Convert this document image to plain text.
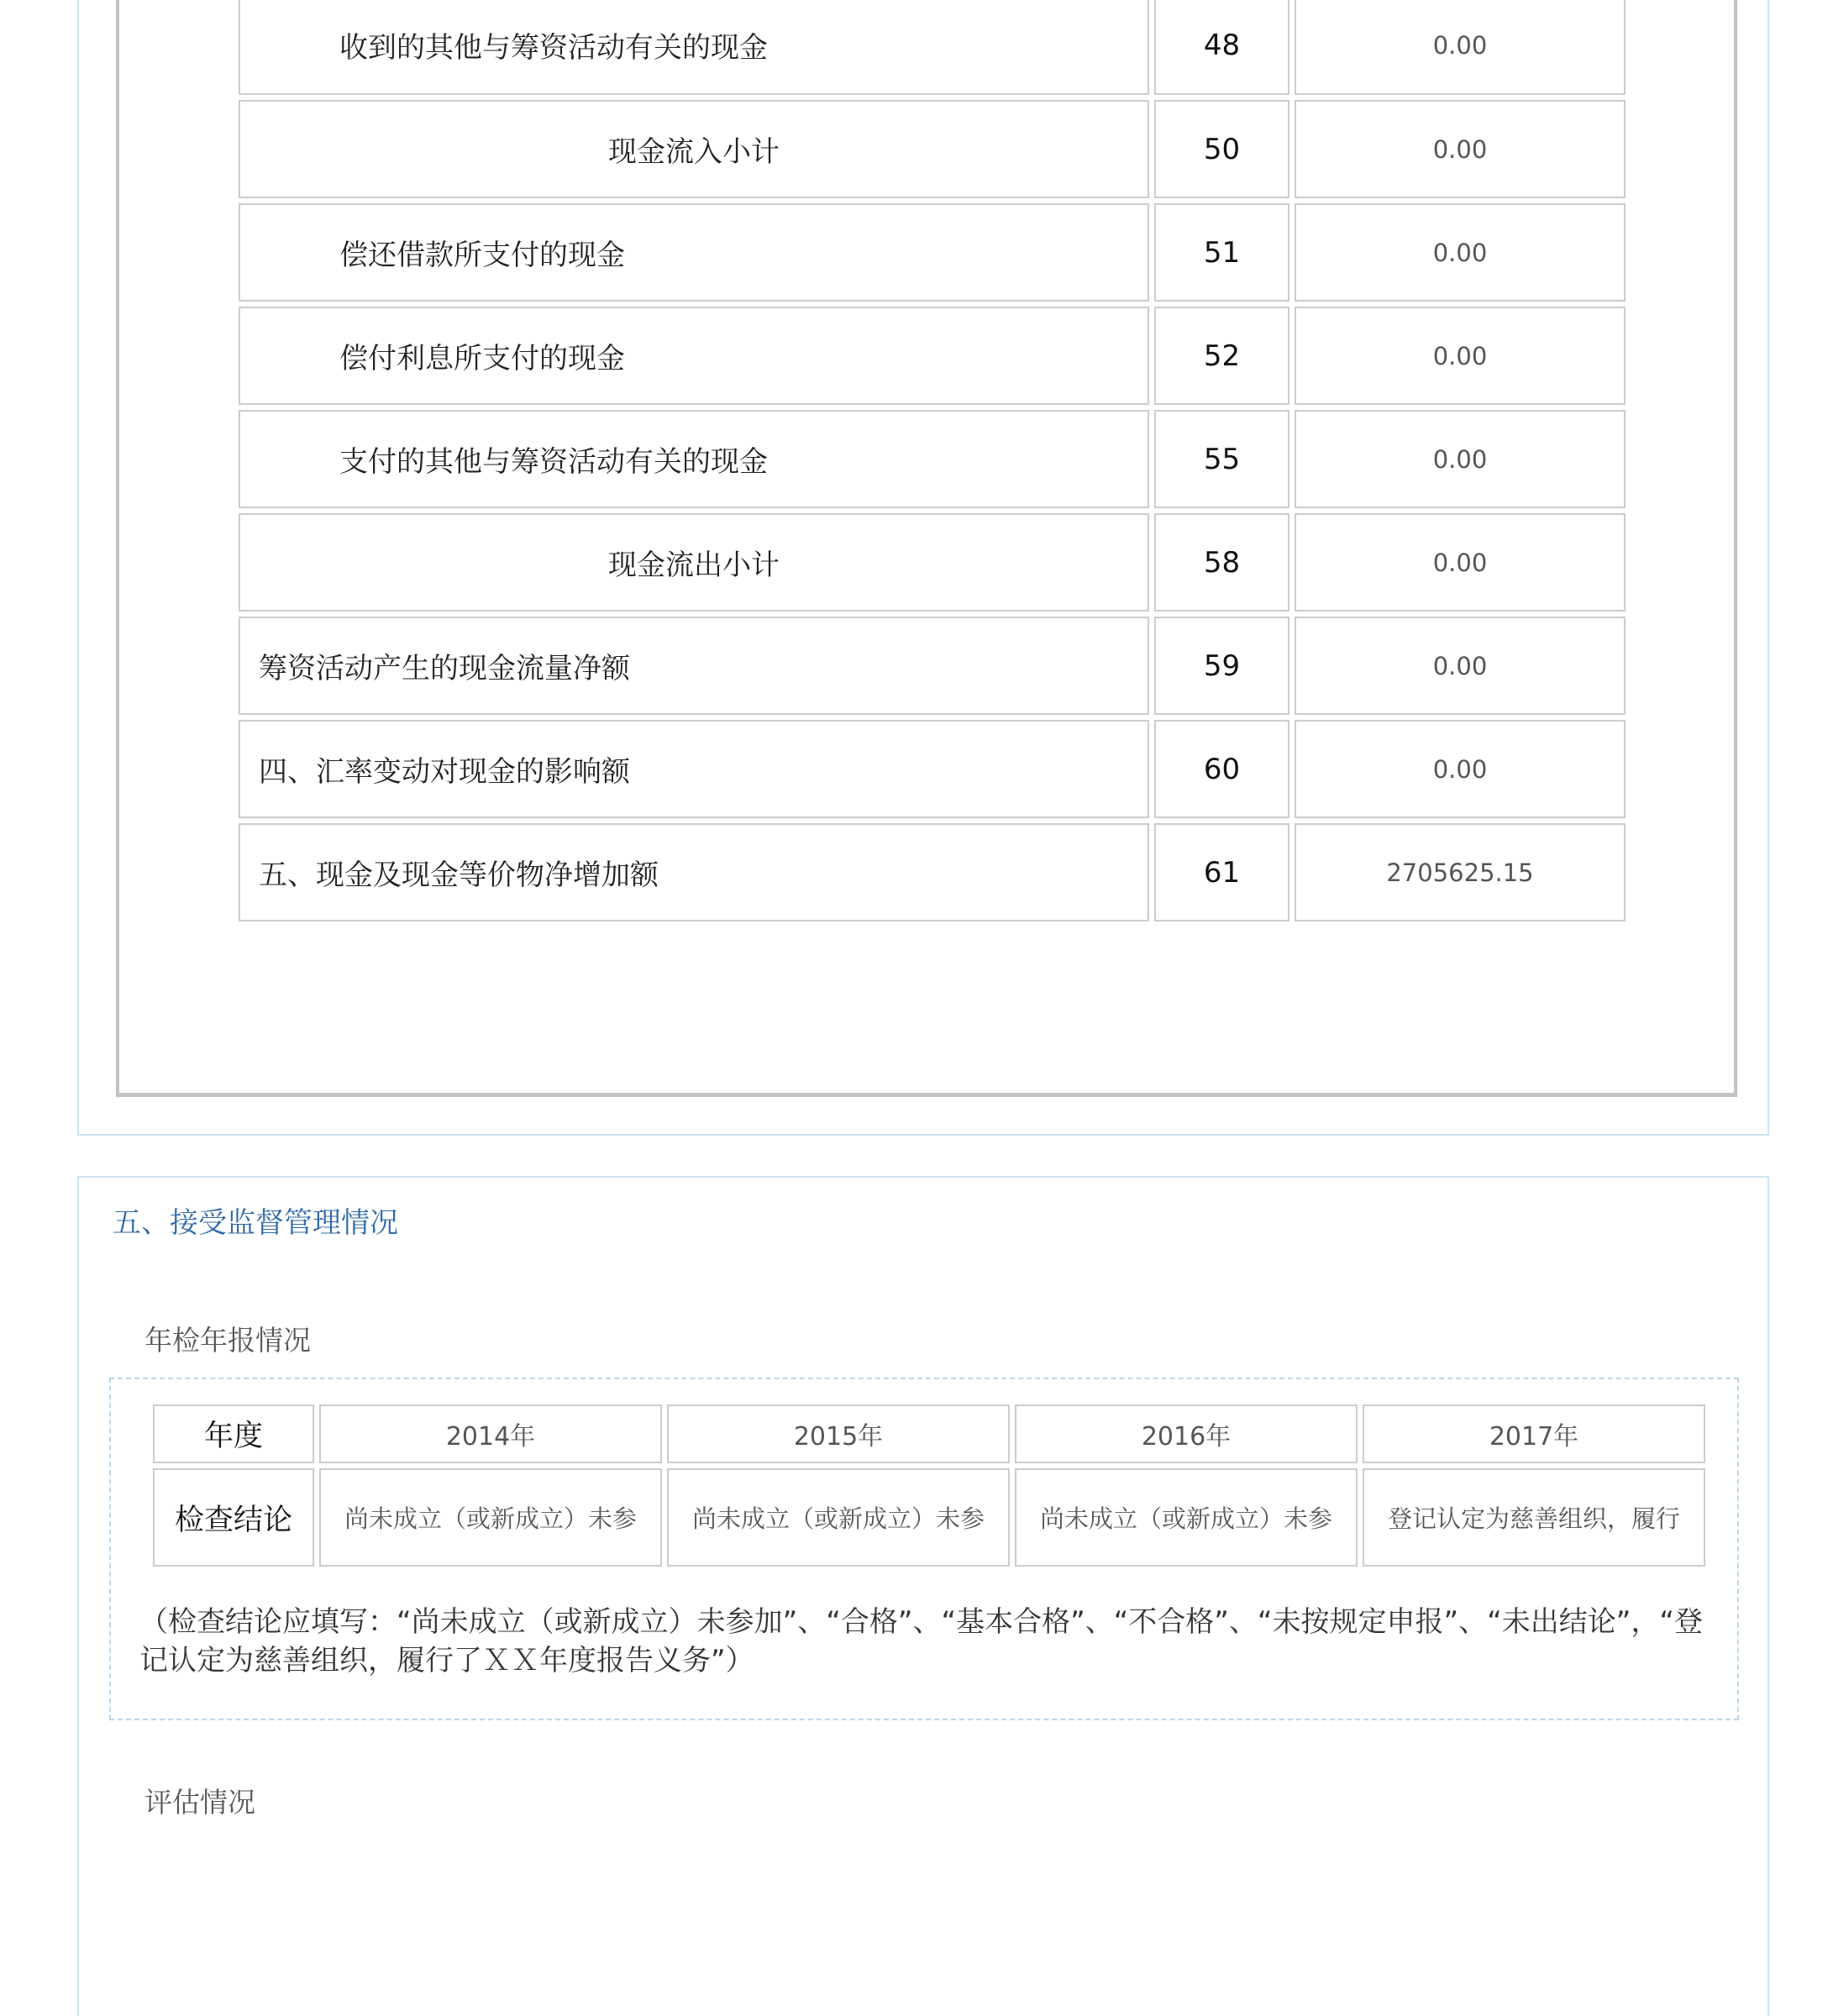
收到的其他与筹资活动有关的现金	48	0.00
现金流入小计	50	0.00
偿还借款所支付的现金	51	0.00
偿付利息所支付的现金	52	0.00
支付的其他与筹资活动有关的现金	55	0.00
现金流出小计	58	0.00
筹资活动产生的现金流量净额	59	0.00
四、汇率变动对现金的影响额	60	0.00
五、现金及现金等价物净增加额	61	2705625.15
五、接受监督管理情况
年检年报情况
年度	2014年	2015年	2016年	2017年
检查结论	尚未成立（或新成立）未参	尚未成立（或新成立）未参	尚未成立（或新成立）未参	登记认定为慈善组织，履行
（检查结论应填写：“尚未成立（或新成立）未参加”、“合格”、“基本合格”、“不合格”、“未按规定申报”、“未出结论”，“登记认定为慈善组织，履行了ＸＸ年度报告义务”）
评估情况
